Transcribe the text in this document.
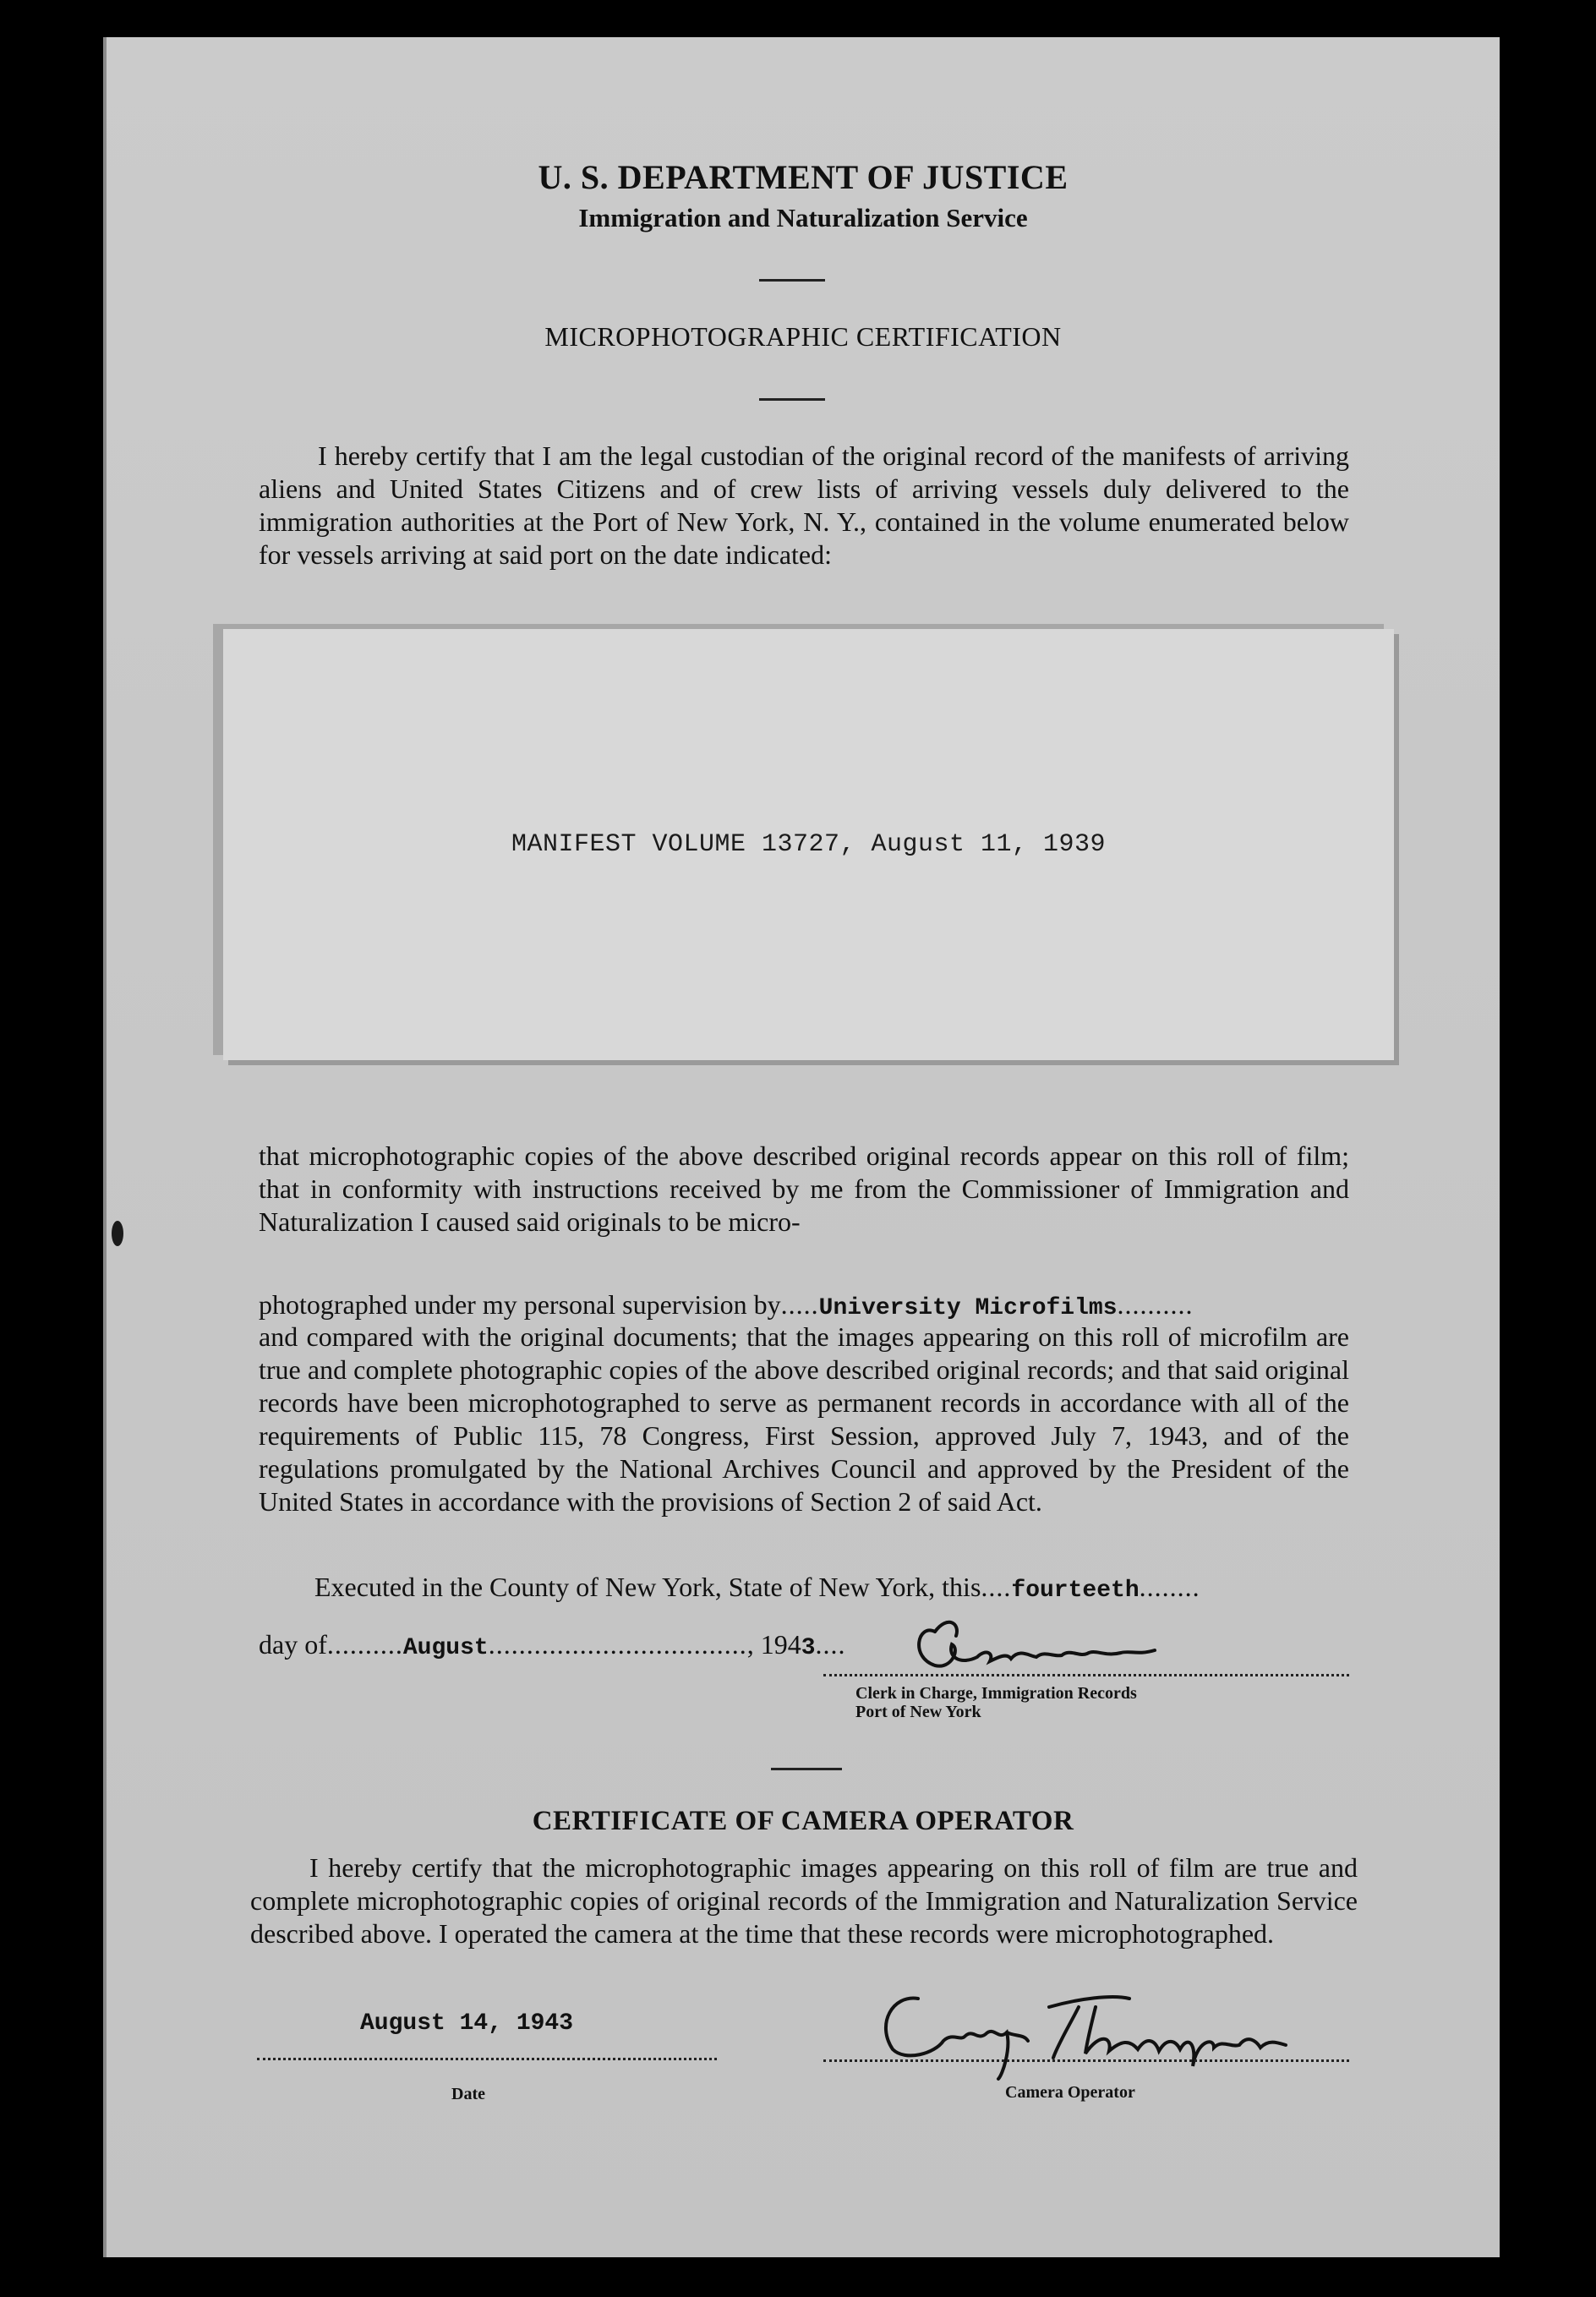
U. S. DEPARTMENT OF JUSTICE
Immigration and Naturalization Service
MICROPHOTOGRAPHIC CERTIFICATION
I hereby certify that I am the legal custodian of the original record of the manifests of arriving aliens and United States Citizens and of crew lists of arriving vessels duly delivered to the immigration authorities at the Port of New York, N. Y., contained in the volume enumerated below for vessels arriving at said port on the date indicated:
MANIFEST VOLUME 13727, August 11, 1939
that microphotographic copies of the above described original records appear on this roll of film; that in conformity with instructions received by me from the Commissioner of Immigration and Naturalization I caused said originals to be micro-
photographed under my personal supervision by.....University Microfilms..........
and compared with the original documents; that the images appearing on this roll of microfilm are true and complete photographic copies of the above described original records; and that said original records have been microphotographed to serve as permanent records in accordance with all of the requirements of Public 115, 78 Congress, First Session, approved July 7, 1943, and of the regulations promulgated by the National Archives Council and approved by the President of the United States in accordance with the provisions of Section 2 of said Act.
Executed in the County of New York, State of New York, this....fourteeth........
day of..........August.................................., 1943....
Clerk in Charge, Immigration Records
Port of New York
CERTIFICATE OF CAMERA OPERATOR
I hereby certify that the microphotographic images appearing on this roll of film are true and complete microphotographic copies of original records of the Immigration and Naturalization Service described above. I operated the camera at the time that these records were microphotographed.
August 14, 1943
Date	Camera Operator
